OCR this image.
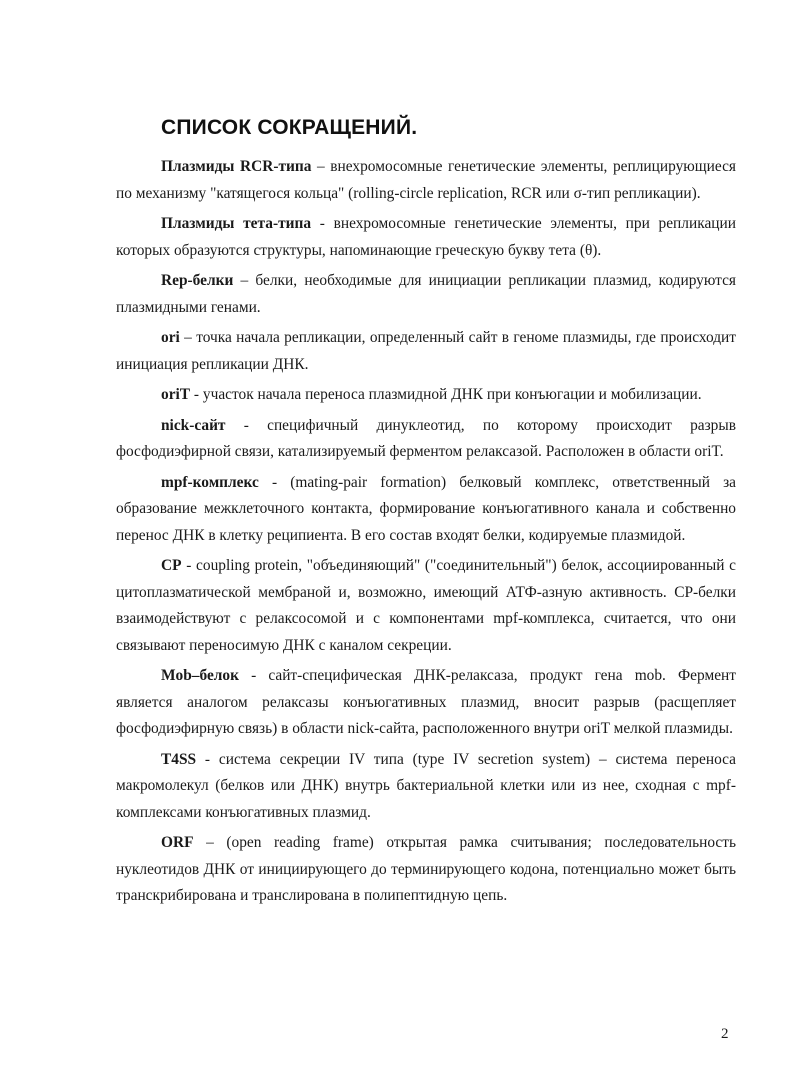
СПИСОК СОКРАЩЕНИЙ.

Плазмиды RCR-типа – внехромосомные генетические элементы, реплицирующиеся по механизму "катящегося кольца" (rolling-circle replication, RCR или σ-тип репликации).

Плазмиды тета-типа - внехромосомные генетические элементы, при репликации которых образуются структуры, напоминающие греческую букву тета (θ).

Rep-белки – белки, необходимые для инициации репликации плазмид, кодируются плазмидными генами.

ori – точка начала репликации, определенный сайт в геноме плазмиды, где происходит инициация репликации ДНК.

oriT - участок начала переноса плазмидной ДНК при конъюгации и мобилизации.

nick-сайт - специфичный динуклеотид, по которому происходит разрыв фосфодиэфирной связи, катализируемый ферментом релаксазой. Расположен в области oriT.

mpf-комплекс - (mating-pair formation) белковый комплекс, ответственный за образование межклеточного контакта, формирование конъюгативного канала и собственно перенос ДНК в клетку реципиента. В его состав входят белки, кодируемые плазмидой.

CP - coupling protein, "объединяющий" ("соединительный") белок, ассоциированный с цитоплазматической мембраной и, возможно, имеющий АТФ-азную активность. CP-белки взаимодействуют с релаксосомой и с компонентами mpf-комплекса, считается, что они связывают переносимую ДНК с каналом секреции.

Mob–белок - сайт-специфическая ДНК-релаксаза, продукт гена mob. Фермент является аналогом релаксазы конъюгативных плазмид, вносит разрыв (расщепляет фосфодиэфирную связь) в области nick-сайта, расположенного внутри oriT мелкой плазмиды.

T4SS - система секреции IV типа (type IV secretion system) – система переноса макромолекул (белков или ДНК) внутрь бактериальной клетки или из нее, сходная с mpf-комплексами конъюгативных плазмид.

ORF – (open reading frame) открытая рамка считывания; последовательность нуклеотидов ДНК от инициирующего до терминирующего кодона, потенциально может быть транскрибирована и транслирована в полипептидную цепь.

2
